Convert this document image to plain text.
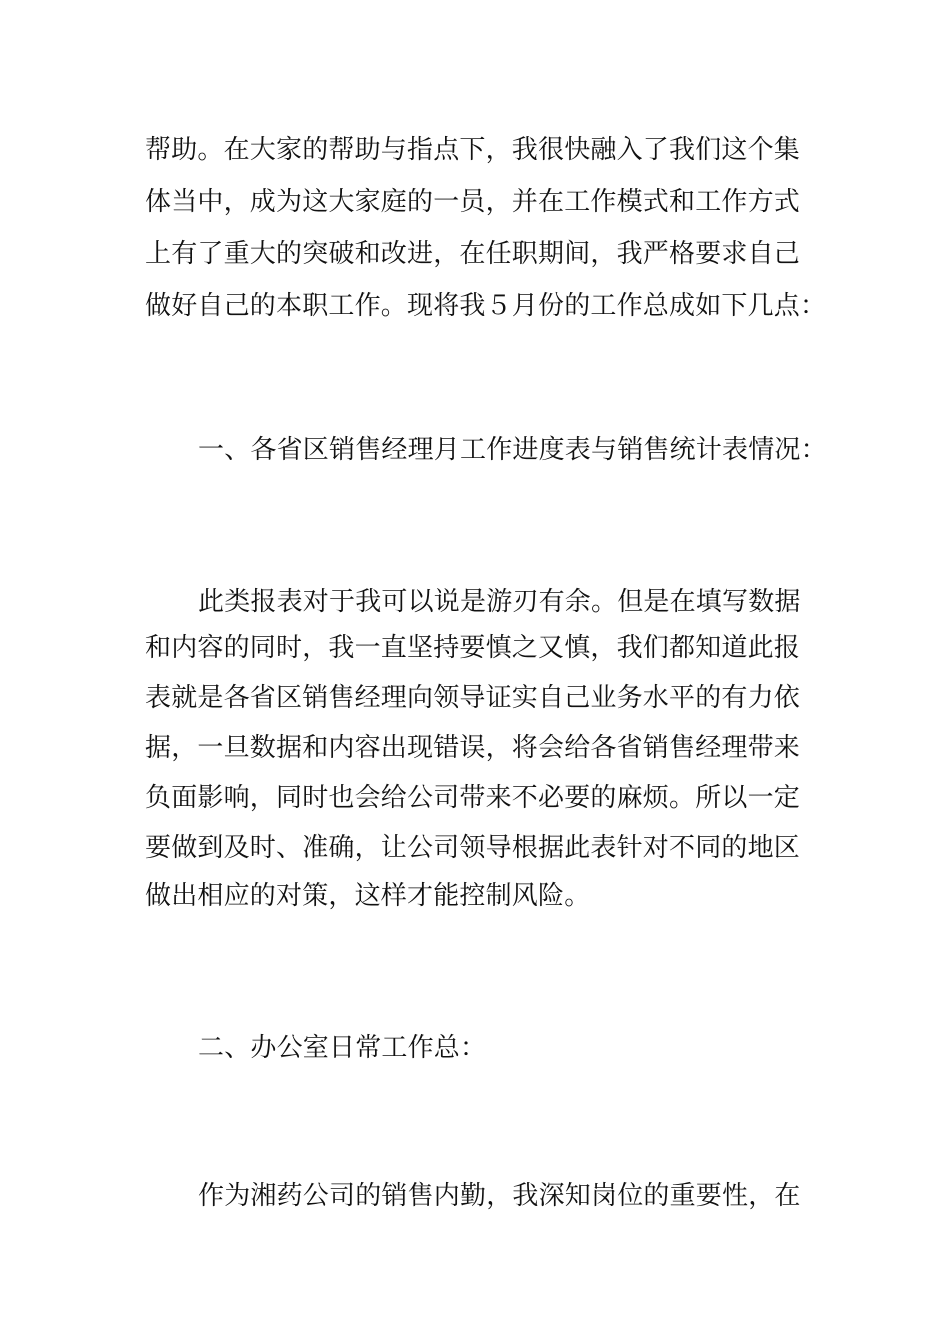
帮助。在大家的帮助与指点下，我很快融入了我们这个集
体当中，成为这大家庭的一员，并在工作模式和工作方式
上有了重大的突破和改进，在任职期间，我严格要求自己
做好自己的本职工作。现将我５月份的工作总成如下几点：
一、各省区销售经理月工作进度表与销售统计表情况：
此类报表对于我可以说是游刃有余。但是在填写数据
和内容的同时，我一直坚持要慎之又慎，我们都知道此报
表就是各省区销售经理向领导证实自己业务水平的有力依
据，一旦数据和内容出现错误，将会给各省销售经理带来
负面影响，同时也会给公司带来不必要的麻烦。所以一定
要做到及时、准确，让公司领导根据此表针对不同的地区
做出相应的对策，这样才能控制风险。
二、办公室日常工作总：
作为湘药公司的销售内勤，我深知岗位的重要性，在
